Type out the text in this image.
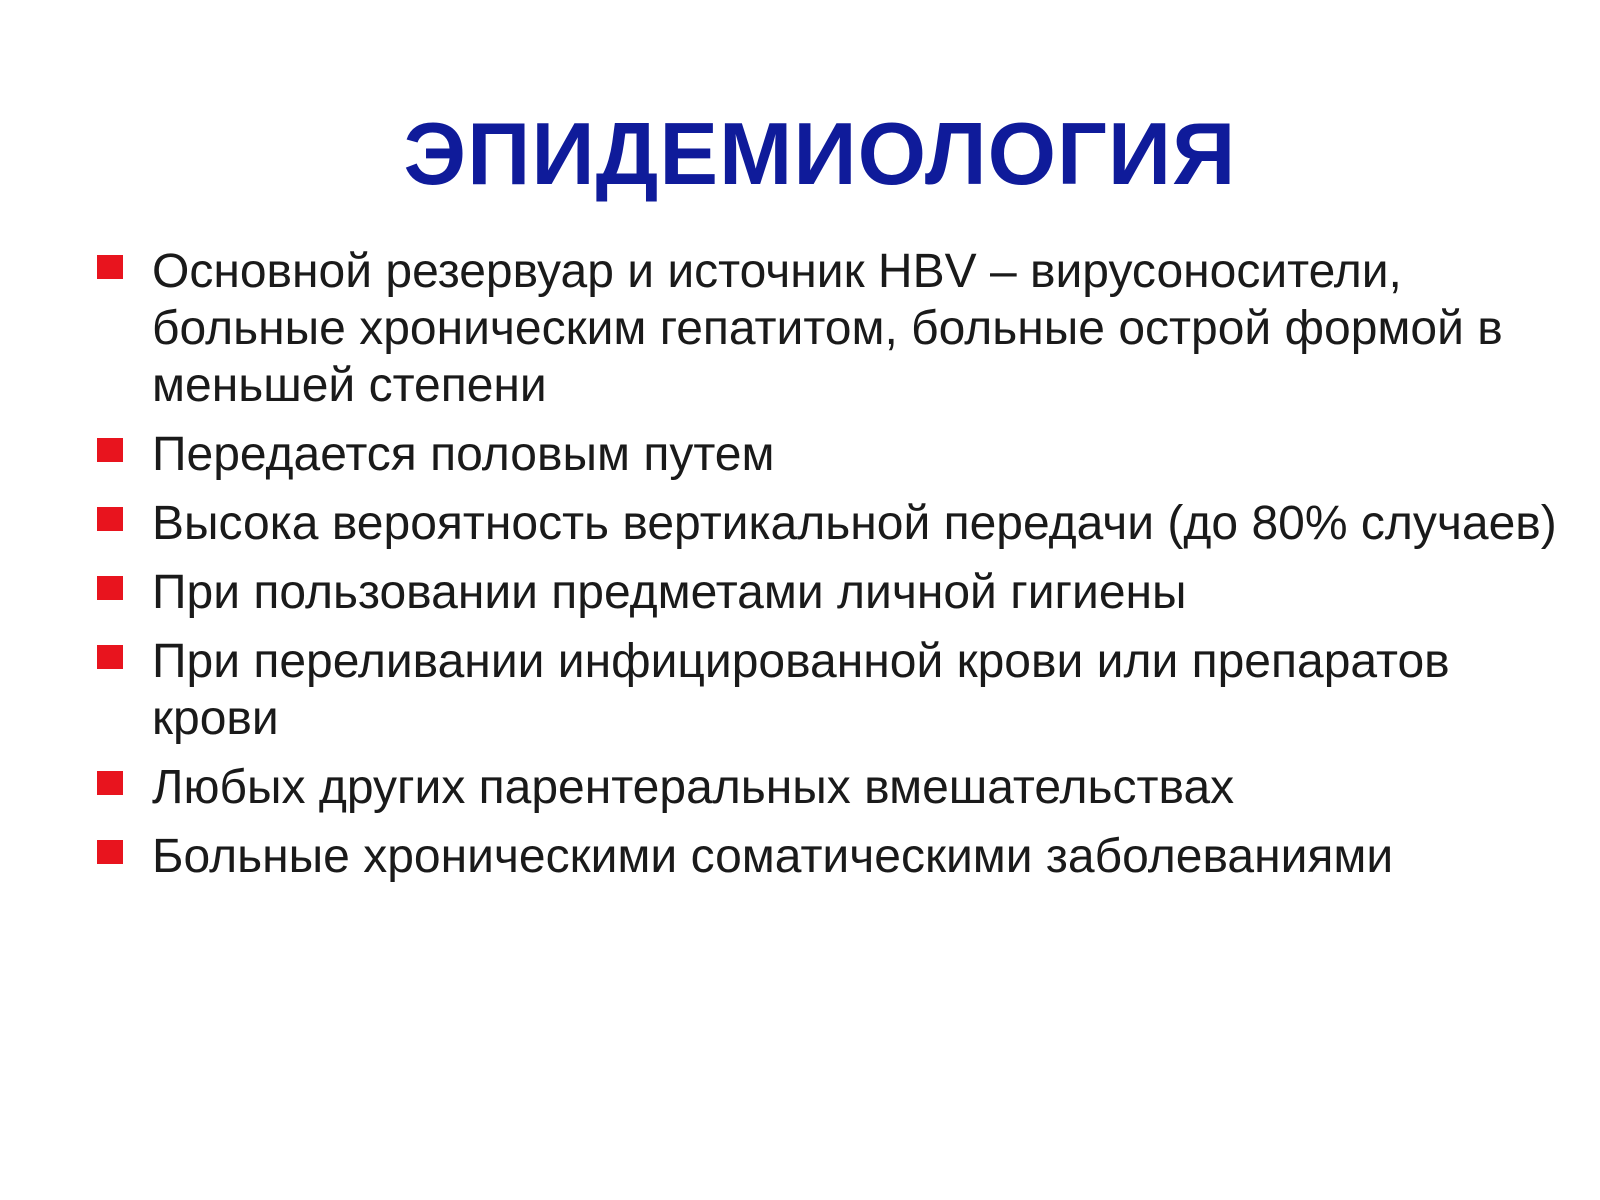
ЭПИДЕМИОЛОГИЯ
Основной резервуар и источник HBV – вирусоносители, больные хроническим гепатитом, больные острой формой в меньшей степени
Передается половым путем
Высока вероятность вертикальной передачи (до 80% случаев)
При пользовании предметами личной гигиены
При переливании инфицированной крови или препаратов крови
Любых других парентеральных вмешательствах
Больные хроническими соматическими заболеваниями
